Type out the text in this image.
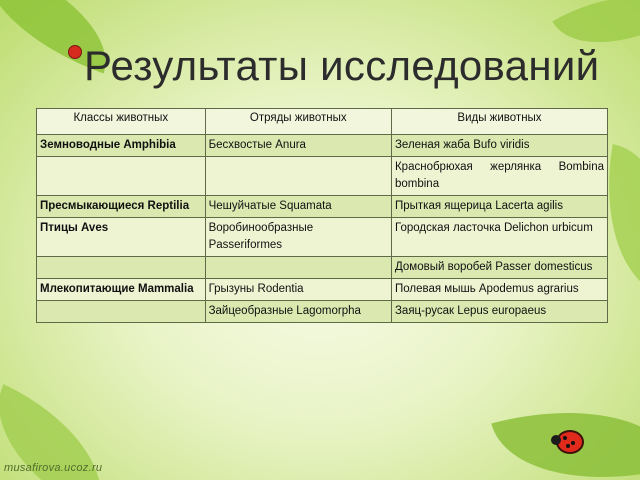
Результаты исследований
Классы животных	Отряды животных	Виды животных
Земноводные Amphibia	Бесхвостые Anura	Зеленая жаба Bufo viridis
		Краснобрюхая жерлянка Bombina bombina
Пресмыкающиеся Reptilia	Чешуйчатые Squamata	Прыткая ящерица Lacerta agilis
Птицы Aves	Воробинообразные Passeriformes	Городская ласточка Delichon urbicum
		Домовый воробей Passer domesticus
Млекопитающие Mammalia	Грызуны Rodentia	Полевая мышь Apodemus agrarius
	Зайцеобразные Lagomorpha	Заяц-русак Lepus europaeus
musafirova.ucoz.ru
